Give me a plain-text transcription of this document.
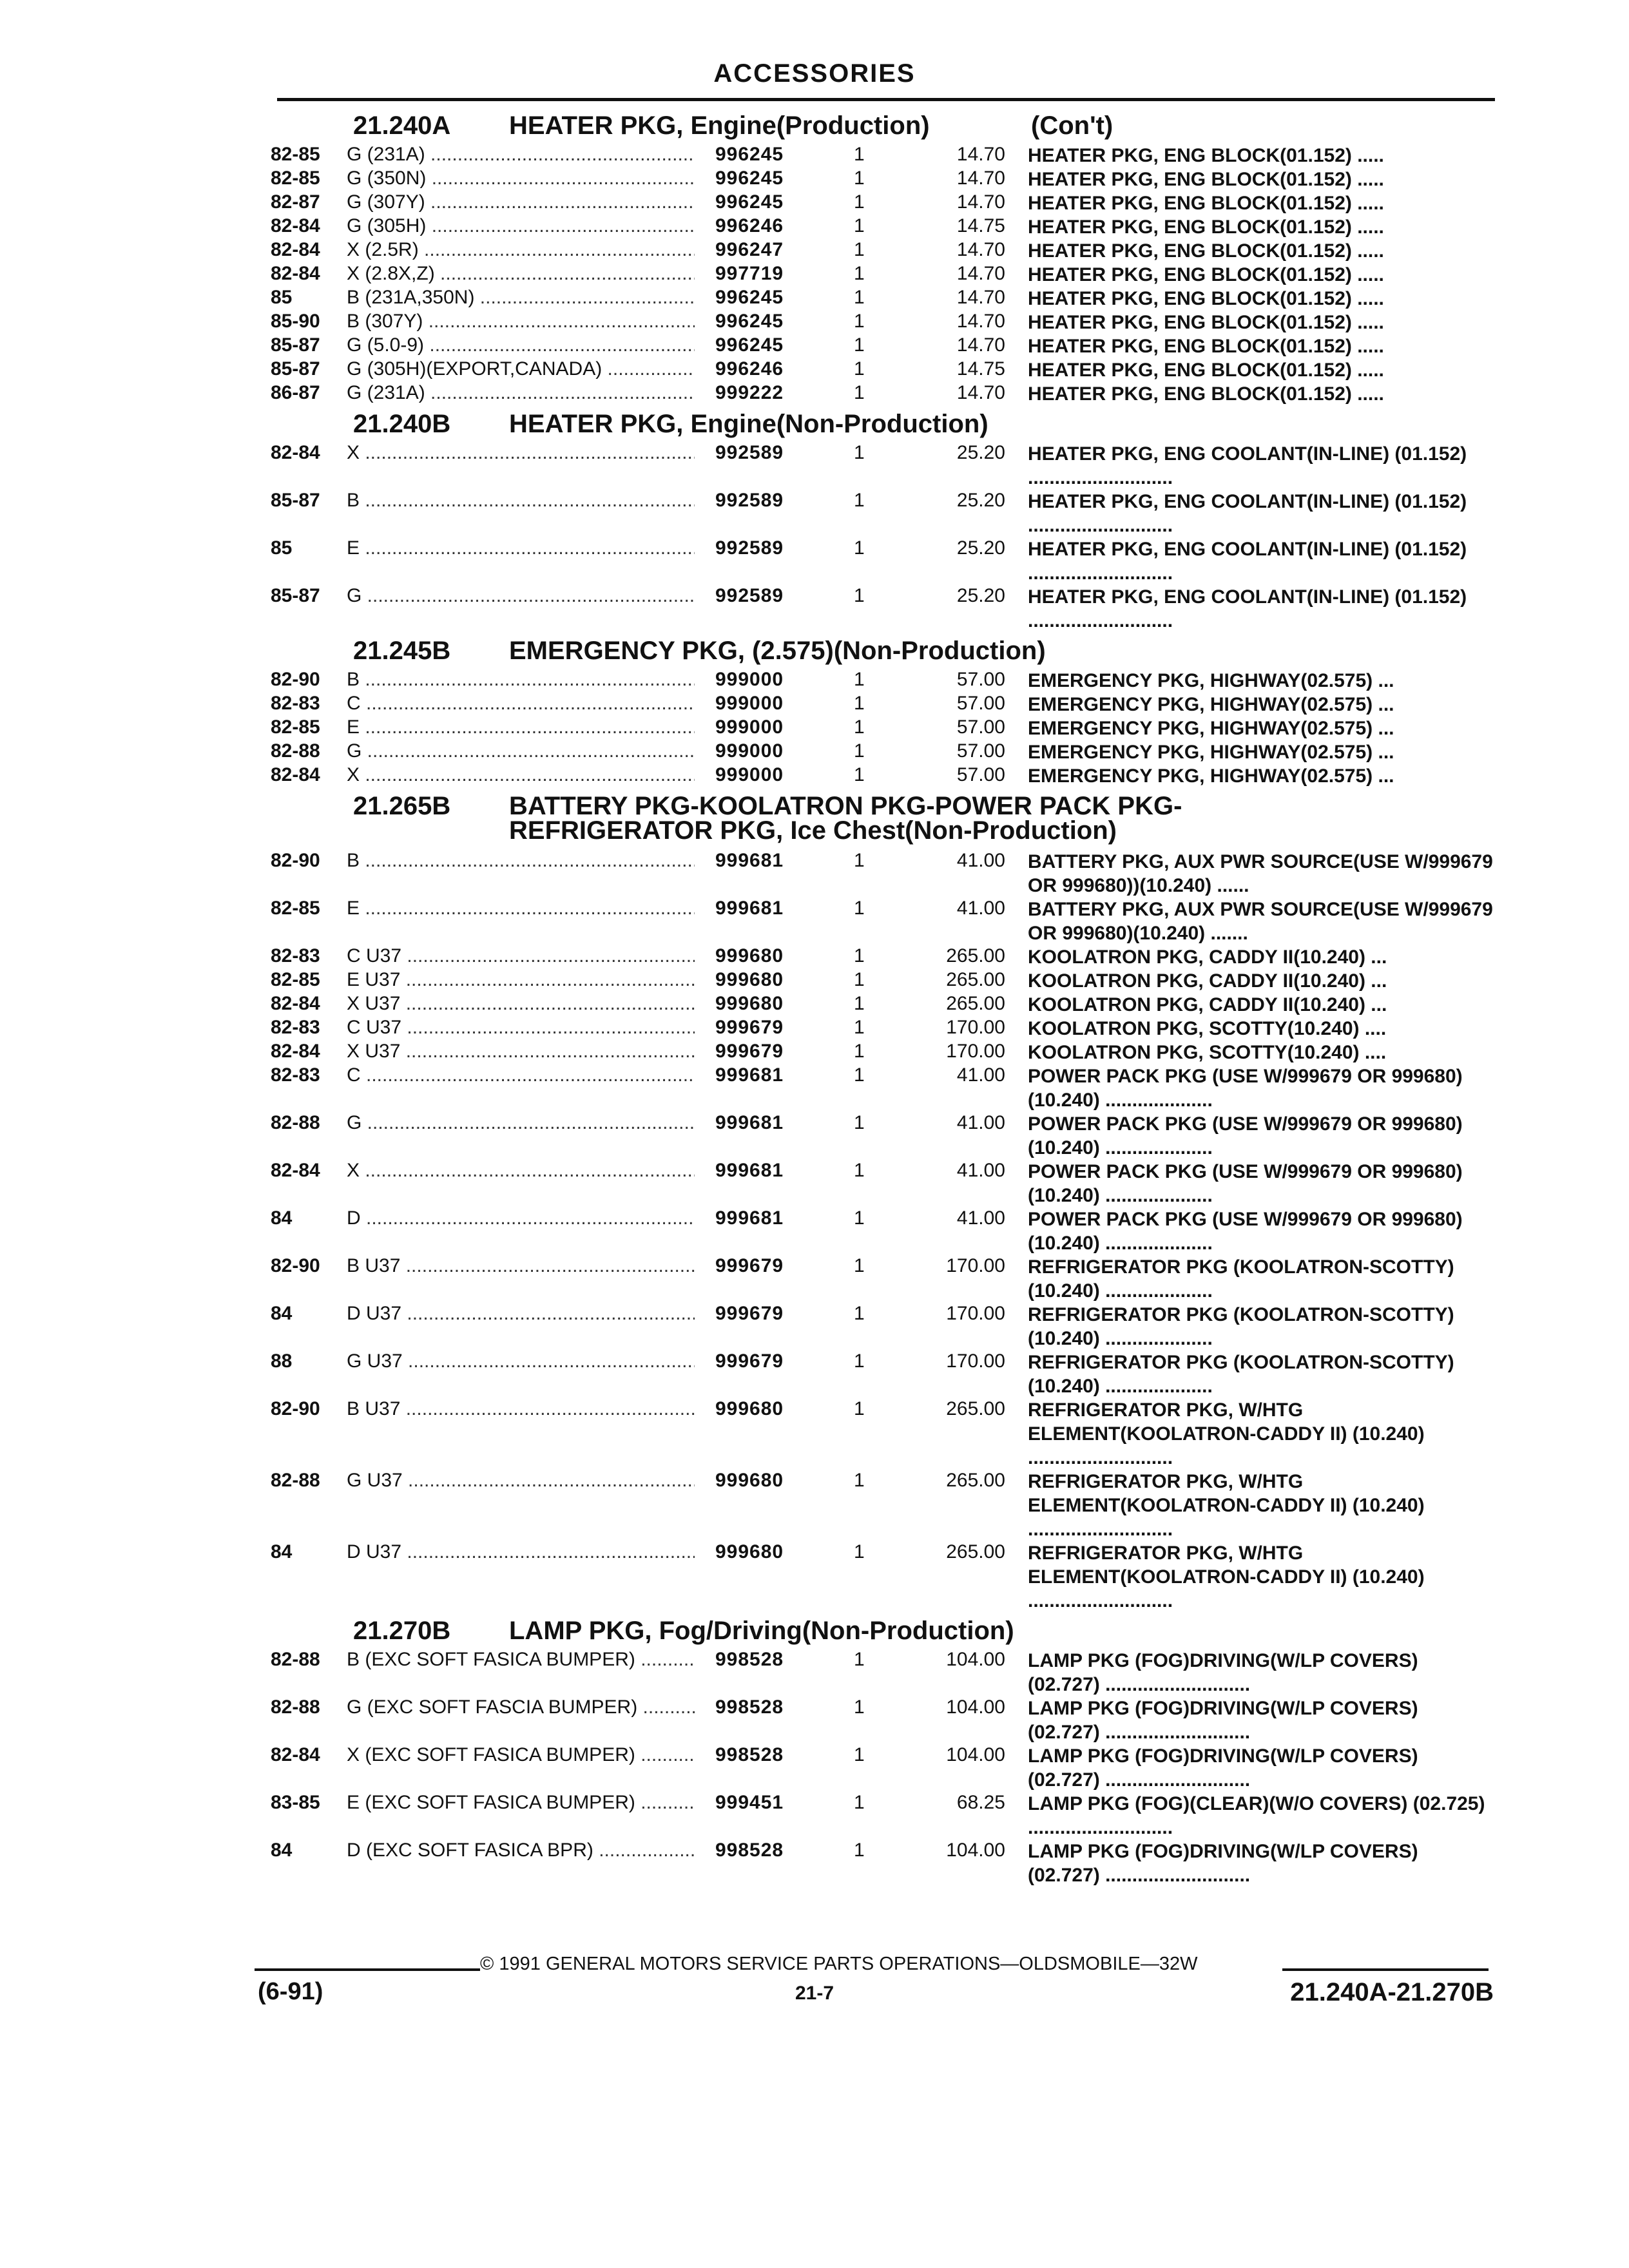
ACCESSORIES
21.240A HEATER PKG, Engine(Production)	(Con't)
82-85 G (231A) .....	996245	1	14.70 HEATER PKG, ENG BLOCK(01.152) .....
82-85 G (350N) .....	996245	1	14.70 HEATER PKG, ENG BLOCK(01.152) .....
82-87 G (307Y) .....	996245	1	14.70 HEATER PKG, ENG BLOCK(01.152) .....
82-84 G (305H) .....	996246	1	14.75 HEATER PKG, ENG BLOCK(01.152) .....
82-84 X (2.5R) .....	996247	1	14.70 HEATER PKG, ENG BLOCK(01.152) .....
82-84 X (2.8X,Z) .....	997719	1	14.70 HEATER PKG, ENG BLOCK(01.152) .....
85	B (231A,350N) .....	996245	1	14.70 HEATER PKG, ENG BLOCK(01.152) .....
85-90 B (307Y) .....	996245	1	14.70 HEATER PKG, ENG BLOCK(01.152) .....
85-87 G (5.0-9) .....	996245	1	14.70 HEATER PKG, ENG BLOCK(01.152) .....
85-87 G (305H)(EXPORT,CANADA) .....	996246	1	14.75 HEATER PKG, ENG BLOCK(01.152) .....
86-87 G (231A) .....	999222	1	14.70 HEATER PKG, ENG BLOCK(01.152) .....
21.240B HEATER PKG, Engine(Non-Production)
82-84 X .....	992589	1	25.20 HEATER PKG, ENG COOLANT(IN-LINE) (01.152) ...........................
85-87 B .....	992589	1	25.20 HEATER PKG, ENG COOLANT(IN-LINE) (01.152) ...........................
85	E .....	992589	1	25.20 HEATER PKG, ENG COOLANT(IN-LINE) (01.152) ...........................
85-87 G .....	992589	1	25.20 HEATER PKG, ENG COOLANT(IN-LINE) (01.152) ...........................
21.245B EMERGENCY PKG, (2.575)(Non-Production)
82-90 B .....	999000	1	57.00 EMERGENCY PKG, HIGHWAY(02.575) ...
82-83 C .....	999000	1	57.00 EMERGENCY PKG, HIGHWAY(02.575) ...
82-85 E .....	999000	1	57.00 EMERGENCY PKG, HIGHWAY(02.575) ...
82-88 G .....	999000	1	57.00 EMERGENCY PKG, HIGHWAY(02.575) ...
82-84 X .....	999000	1	57.00 EMERGENCY PKG, HIGHWAY(02.575) ...
21.265B BATTERY PKG-KOOLATRON PKG-POWER PACK PKG-
REFRIGERATOR PKG, Ice Chest(Non-Production)
82-90 B .....	999681	1	41.00 BATTERY PKG, AUX PWR SOURCE(USE W/999679 OR 999680))(10.240) ......
82-85 E .....	999681	1	41.00 BATTERY PKG, AUX PWR SOURCE(USE W/999679 OR 999680)(10.240) .......
82-83 C U37 .....	999680	1	265.00 KOOLATRON PKG, CADDY II(10.240) ...
82-85 E U37 .....	999680	1	265.00 KOOLATRON PKG, CADDY II(10.240) ...
82-84 X U37 .....	999680	1	265.00 KOOLATRON PKG, CADDY II(10.240) ...
82-83 C U37 .....	999679	1	170.00 KOOLATRON PKG, SCOTTY(10.240) ....
82-84 X U37 .....	999679	1	170.00 KOOLATRON PKG, SCOTTY(10.240) ....
82-83 C .....	999681	1	41.00 POWER PACK PKG (USE W/999679 OR 999680)(10.240) ....................
82-88 G .....	999681	1	41.00 POWER PACK PKG (USE W/999679 OR 999680)(10.240) ....................
82-84 X .....	999681	1	41.00 POWER PACK PKG (USE W/999679 OR 999680)(10.240) ....................
84	D .....	999681	1	41.00 POWER PACK PKG (USE W/999679 OR 999680)(10.240) ....................
82-90 B U37 .....	999679	1	170.00 REFRIGERATOR PKG (KOOLATRON-SCOTTY)(10.240) ....................
84	D U37 .....	999679	1	170.00 REFRIGERATOR PKG (KOOLATRON-SCOTTY)(10.240) ....................
88	G U37 .....	999679	1	170.00 REFRIGERATOR PKG (KOOLATRON-SCOTTY)(10.240) ....................
82-90 B U37 .....	999680	1	265.00 REFRIGERATOR PKG, W/HTG ELEMENT(KOOLATRON-CADDY II) (10.240) ...........................
82-88 G U37 .....	999680	1	265.00 REFRIGERATOR PKG, W/HTG ELEMENT(KOOLATRON-CADDY II) (10.240) ...........................
84	D U37 .....	999680	1	265.00 REFRIGERATOR PKG, W/HTG ELEMENT(KOOLATRON-CADDY II) (10.240) ...........................
21.270B LAMP PKG, Fog/Driving(Non-Production)
82-88 B (EXC SOFT FASICA BUMPER) .....	998528	1	104.00 LAMP PKG (FOG)DRIVING(W/LP COVERS) (02.727) ...........................
82-88 G (EXC SOFT FASCIA BUMPER) .....	998528	1	104.00 LAMP PKG (FOG)DRIVING(W/LP COVERS) (02.727) ...........................
82-84 X (EXC SOFT FASICA BUMPER) .....	998528	1	104.00 LAMP PKG (FOG)DRIVING(W/LP COVERS) (02.727) ...........................
83-85 E (EXC SOFT FASICA BUMPER) .....	999451	1	68.25 LAMP PKG (FOG)(CLEAR)(W/O COVERS) (02.725) ...........................
84	D (EXC SOFT FASICA BPR) .....	998528	1	104.00 LAMP PKG (FOG)DRIVING(W/LP COVERS) (02.727) ...........................
© 1991 GENERAL MOTORS SERVICE PARTS OPERATIONS—OLDSMOBILE—32W
(6-91)	21-7	21.240A-21.270B
